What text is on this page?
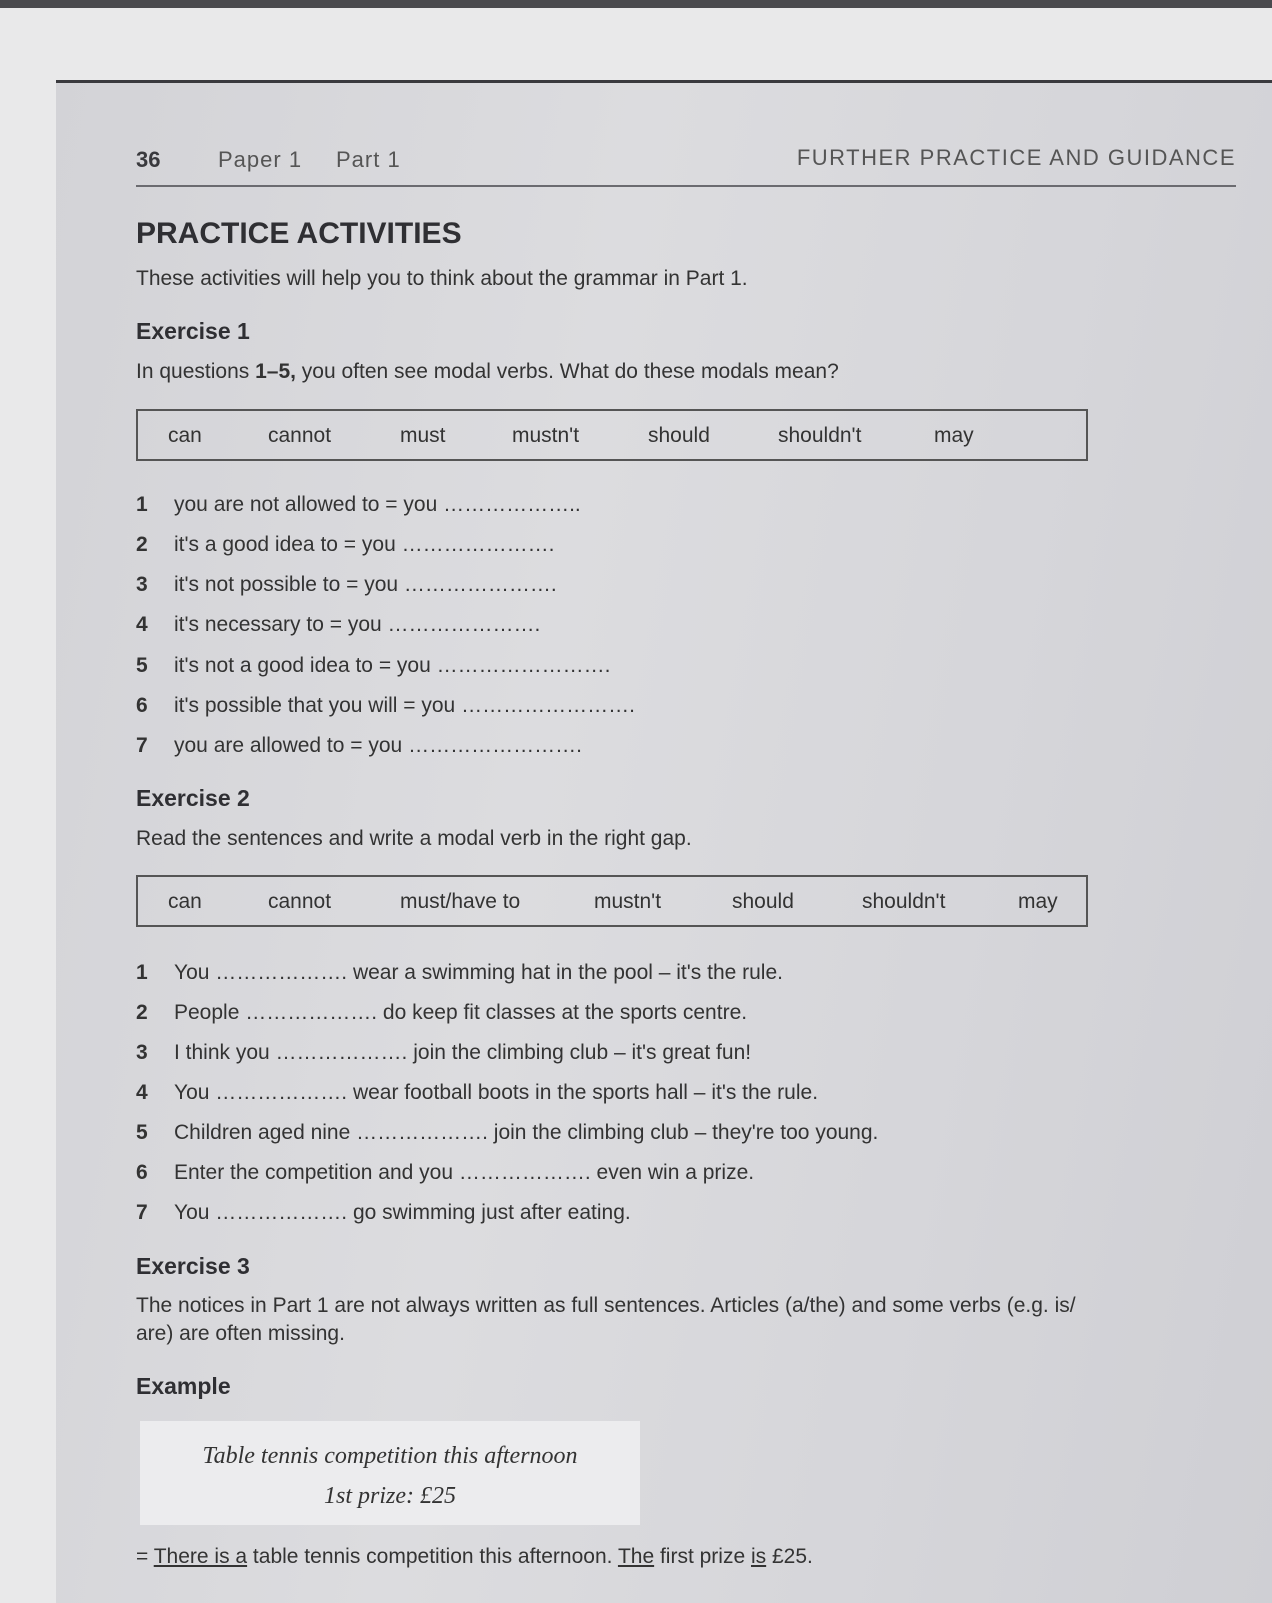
36	Paper 1 Part 1	FURTHER PRACTICE AND GUIDANCE
PRACTICE ACTIVITIES

These activities will help you to think about the grammar in Part 1.

Exercise 1

In questions 1–5, you often see modal verbs. What do these modals mean?

can	cannot	must	mustn't	should	shouldn't	may
1 you are not allowed to = you ………………..
2 it's a good idea to = you ………………….
3 it's not possible to = you ………………….
4 it's necessary to = you ………………….
5 it's not a good idea to = you …………………….
6 it's possible that you will = you …………………….
7 you are allowed to = you …………………….
Exercise 2

Read the sentences and write a modal verb in the right gap.

can	cannot	must/have to	mustn't	should	shouldn't	may
1 You ………………. wear a swimming hat in the pool – it's the rule.
2 People ………………. do keep fit classes at the sports centre.
3 I think you ………………. join the climbing club – it's great fun!
4 You ………………. wear football boots in the sports hall – it's the rule.
5 Children aged nine ………………. join the climbing club – they're too young.
6 Enter the competition and you ………………. even win a prize.
7 You ………………. go swimming just after eating.
Exercise 3

The notices in Part 1 are not always written as full sentences. Articles (a/the) and some verbs (e.g. is/

are) are often missing.

Example
Table tennis competition this afternoon
1st prize: £25
= There is a table tennis competition this afternoon. The first prize is £25.
